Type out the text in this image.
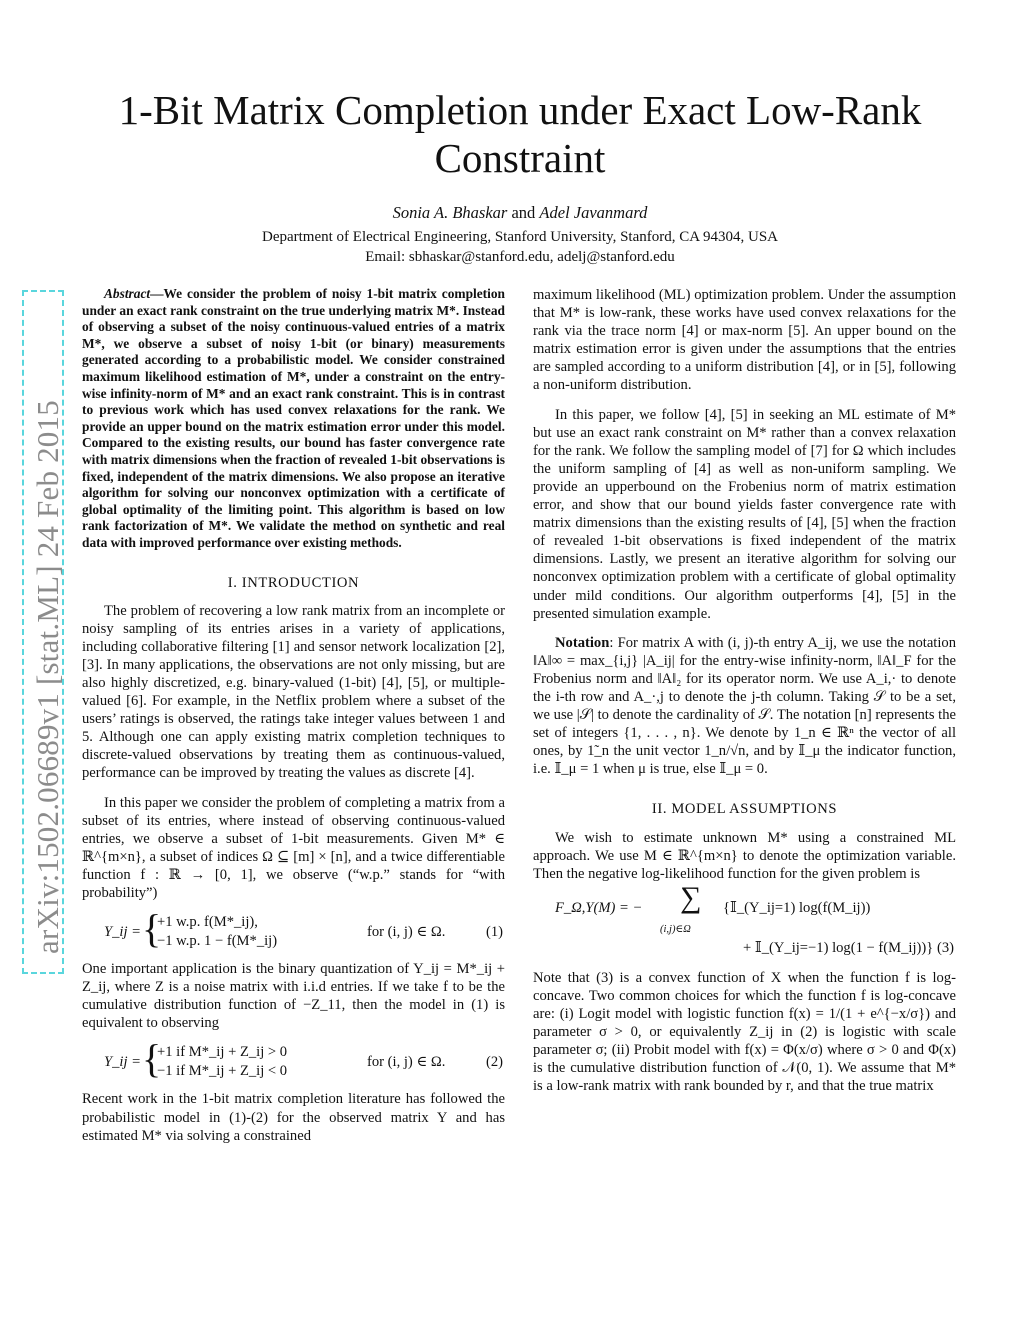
arXiv:1502.06689v1 [stat.ML] 24 Feb 2015
1-Bit Matrix Completion under Exact Low-Rank Constraint
Sonia A. Bhaskar and Adel Javanmard
Department of Electrical Engineering, Stanford University, Stanford, CA 94304, USA
Email: sbhaskar@stanford.edu, adelj@stanford.edu

Abstract—We consider the problem of noisy 1-bit matrix completion under an exact rank constraint on the true underlying matrix M*. Instead of observing a subset of the noisy continuous-valued entries of a matrix M*, we observe a subset of noisy 1-bit (or binary) measurements generated according to a probabilistic model. We consider constrained maximum likelihood estimation of M*, under a constraint on the entry-wise infinity-norm of M* and an exact rank constraint. This is in contrast to previous work which has used convex relaxations for the rank. We provide an upper bound on the matrix estimation error under this model. Compared to the existing results, our bound has faster convergence rate with matrix dimensions when the fraction of revealed 1-bit observations is fixed, independent of the matrix dimensions. We also propose an iterative algorithm for solving our nonconvex optimization with a certificate of global optimality of the limiting point. This algorithm is based on low rank factorization of M*. We validate the method on synthetic and real data with improved performance over existing methods.

I. INTRODUCTION

The problem of recovering a low rank matrix from an incomplete or noisy sampling of its entries arises in a variety of applications, including collaborative filtering [1] and sensor network localization [2], [3]. In many applications, the observations are not only missing, but are also highly discretized, e.g. binary-valued (1-bit) [4], [5], or multiple-valued [6]. For example, in the Netflix problem where a subset of the users’ ratings is observed, the ratings take integer values between 1 and 5. Although one can apply existing matrix completion techniques to discrete-valued observations by treating them as continuous-valued, performance can be improved by treating the values as discrete [4].

In this paper we consider the problem of completing a matrix from a subset of its entries, where instead of observing continuous-valued entries, we observe a subset of 1-bit measurements. Given M* ∈ ℝ^{m×n}, a subset of indices Ω ⊆ [m] × [n], and a twice differentiable function f : ℝ → [0, 1], we observe (“w.p.” stands for “with probability”)

Y_ij = {
+1 w.p. f(M*_ij),
−1 w.p. 1 − f(M*_ij)
for (i, j) ∈ Ω.	(1)

One important application is the binary quantization of Y_ij = M*_ij + Z_ij, where Z is a noise matrix with i.i.d entries. If we take f to be the cumulative distribution function of −Z_11, then the model in (1) is equivalent to observing

Y_ij = {
+1 if M*_ij + Z_ij > 0
−1 if M*_ij + Z_ij < 0
for (i, j) ∈ Ω.	(2)

Recent work in the 1-bit matrix completion literature has followed the probabilistic model in (1)-(2) for the observed matrix Y and has estimated M* via solving a constrained

maximum likelihood (ML) optimization problem. Under the assumption that M* is low-rank, these works have used convex relaxations for the rank via the trace norm [4] or max-norm [5]. An upper bound on the matrix estimation error is given under the assumptions that the entries are sampled according to a uniform distribution [4], or in [5], following a non-uniform distribution.

In this paper, we follow [4], [5] in seeking an ML estimate of M* but use an exact rank constraint on M* rather than a convex relaxation for the rank. We follow the sampling model of [7] for Ω which includes the uniform sampling of [4] as well as non-uniform sampling. We provide an upperbound on the Frobenius norm of matrix estimation error, and show that our bound yields faster convergence rate with matrix dimensions than the existing results of [4], [5] when the fraction of revealed 1-bit observations is fixed independent of the matrix dimensions. Lastly, we present an iterative algorithm for solving our nonconvex optimization problem with a certificate of global optimality under mild conditions. Our algorithm outperforms [4], [5] in the presented simulation example.

Notation: For matrix A with (i, j)-th entry A_ij, we use the notation ‖A‖∞ = max_{i,j} |A_ij| for the entry-wise infinity-norm, ‖A‖_F for the Frobenius norm and ‖A‖₂ for its operator norm. We use A_i,· to denote the i-th row and A_·,j to denote the j-th column. Taking 𝒮 to be a set, we use |𝒮| to denote the cardinality of 𝒮. The notation [n] represents the set of integers {1, . . . , n}. We denote by 1_n ∈ ℝⁿ the vector of all ones, by 1̃_n the unit vector 1_n/√n, and by 𝕀_μ the indicator function, i.e. 𝕀_μ = 1 when μ is true, else 𝕀_μ = 0.

II. MODEL ASSUMPTIONS

We wish to estimate unknown M* using a constrained ML approach. We use M ∈ ℝ^{m×n} to denote the optimization variable. Then the negative log-likelihood function for the given problem is

F_Ω,Y(M) = − ∑
(i,j)∈Ω
{𝕀_(Y_ij=1) log(f(M_ij))
+ 𝕀_(Y_ij=−1) log(1 − f(M_ij))} (3)

Note that (3) is a convex function of X when the function f is log-concave. Two common choices for which the function f is log-concave are: (i) Logit model with logistic function f(x) = 1/(1 + e^{−x/σ}) and parameter σ > 0, or equivalently Z_ij in (2) is logistic with scale parameter σ; (ii) Probit model with f(x) = Φ(x/σ) where σ > 0 and Φ(x) is the cumulative distribution function of 𝒩(0, 1). We assume that M* is a low-rank matrix with rank bounded by r, and that the true matrix
